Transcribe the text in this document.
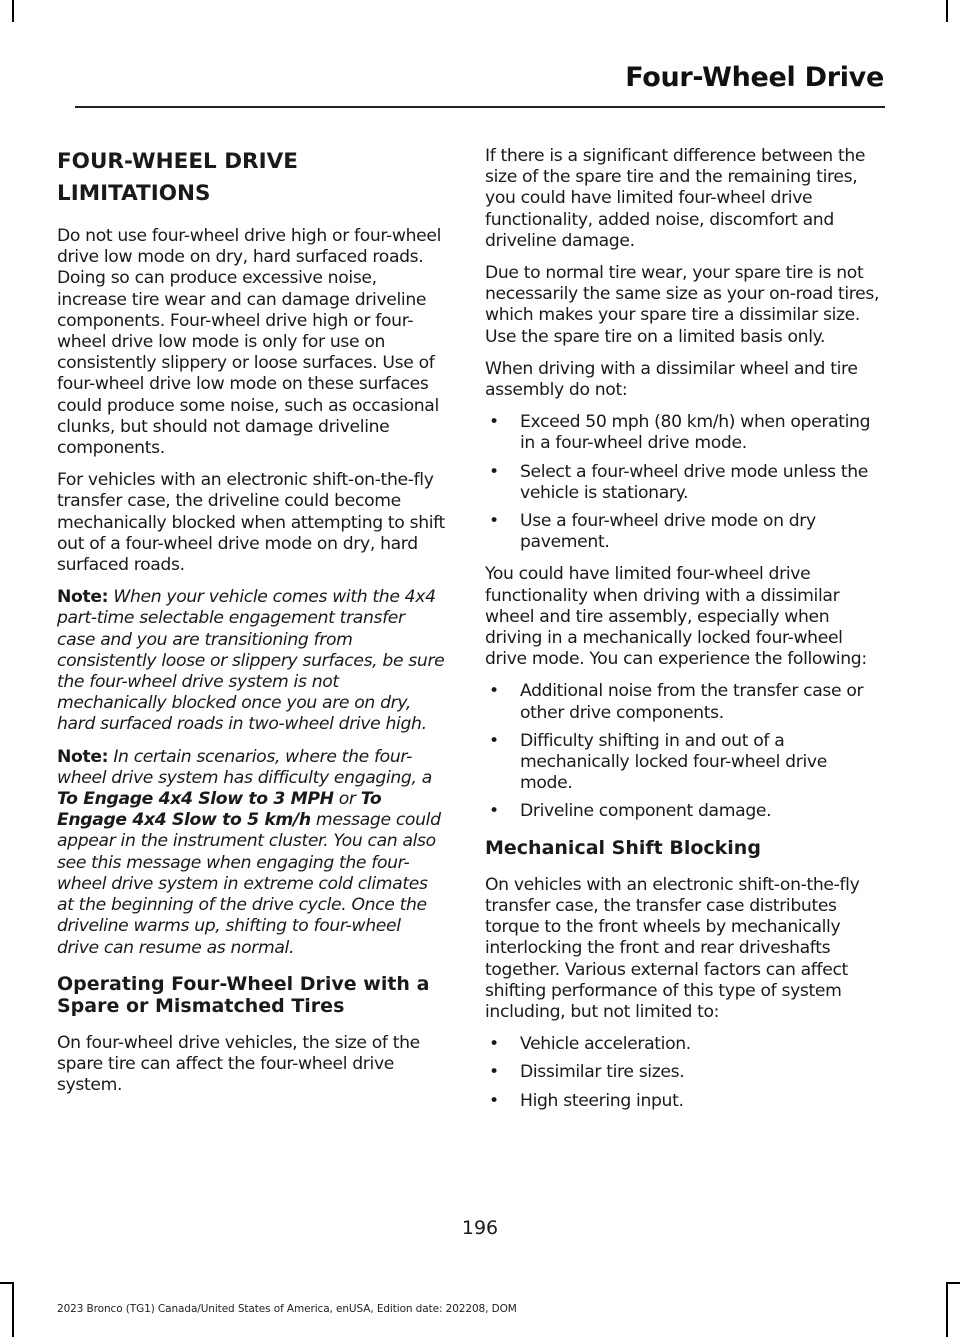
Four-Wheel Drive
FOUR-WHEEL DRIVE
LIMITATIONS

Do not use four-wheel drive high or four-wheel drive low mode on dry, hard surfaced roads. Doing so can produce excessive noise, increase tire wear and can damage driveline components. Four-wheel drive high or four-wheel drive low mode is only for use on consistently slippery or loose surfaces. Use of four-wheel drive low mode on these surfaces could produce some noise, such as occasional clunks, but should not damage driveline components.

For vehicles with an electronic shift-on-the-fly transfer case, the driveline could become mechanically blocked when attempting to shift out of a four-wheel drive mode on dry, hard surfaced roads.

Note: When your vehicle comes with the 4x4 part-time selectable engagement transfer case and you are transitioning from consistently loose or slippery surfaces, be sure the four-wheel drive system is not mechanically blocked once you are on dry, hard surfaced roads in two-wheel drive high.

Note: In certain scenarios, where the four-wheel drive system has difficulty engaging, a To Engage 4x4 Slow to 3 MPH or To Engage 4x4 Slow to 5 km/h message could appear in the instrument cluster. You can also see this message when engaging the four-wheel drive system in extreme cold climates at the beginning of the drive cycle. Once the driveline warms up, shifting to four-wheel drive can resume as normal.

Operating Four-Wheel Drive with a Spare or Mismatched Tires

On four-wheel drive vehicles, the size of the spare tire can affect the four-wheel drive system.

If there is a significant difference between the size of the spare tire and the remaining tires, you could have limited four-wheel drive functionality, added noise, discomfort and driveline damage.

Due to normal tire wear, your spare tire is not necessarily the same size as your on-road tires, which makes your spare tire a dissimilar size. Use the spare tire on a limited basis only.

When driving with a dissimilar wheel and tire assembly do not:

• Exceed 50 mph (80 km/h) when operating in a four-wheel drive mode.
• Select a four-wheel drive mode unless the vehicle is stationary.
• Use a four-wheel drive mode on dry pavement.

You could have limited four-wheel drive functionality when driving with a dissimilar wheel and tire assembly, especially when driving in a mechanically locked four-wheel drive mode. You can experience the following:

• Additional noise from the transfer case or other drive components.
• Difficulty shifting in and out of a mechanically locked four-wheel drive mode.
• Driveline component damage.
Mechanical Shift Blocking

On vehicles with an electronic shift-on-the-fly transfer case, the transfer case distributes torque to the front wheels by mechanically interlocking the front and rear driveshafts together. Various external factors can affect shifting performance of this type of system including, but not limited to:

• Vehicle acceleration.
• Dissimilar tire sizes.
• High steering input.
196
2023 Bronco (TG1) Canada/United States of America, enUSA, Edition date: 202208, DOM
